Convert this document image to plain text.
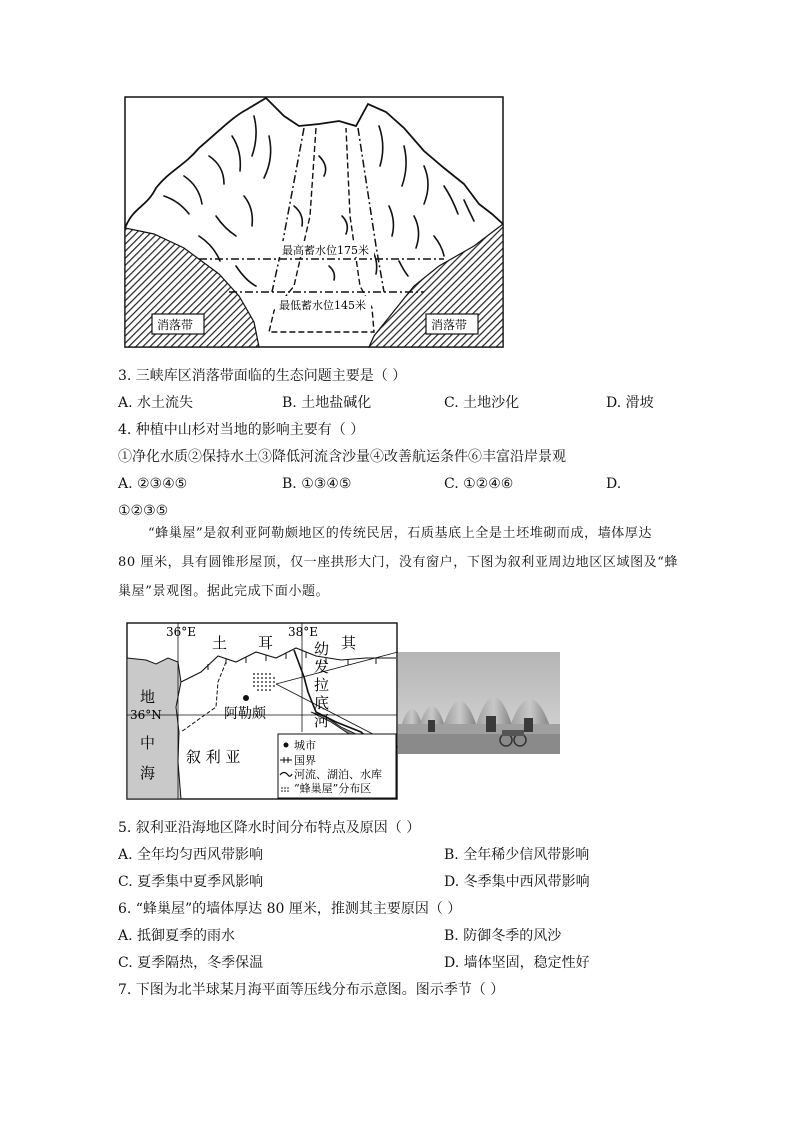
最高蓄水位175米
最低蓄水位145米
消落带	消落带
3. 三峡库区消落带面临的生态问题主要是（ ）
A. 水土流失	B. 土地盐碱化	C. 土地沙化	D. 滑坡
4. 种植中山杉对当地的影响主要有（ ）
①净化水质②保持水土③降低河流含沙量④改善航运条件⑥丰富沿岸景观
A. ②③④⑤	B. ①③④⑤	C. ①②④⑥	D.
①②③⑤
“蜂巢屋”是叙利亚阿勒颇地区的传统民居，石质基底上全是土坯堆砌而成，墙体厚达
80 厘米，具有圆锥形屋顶，仅一座拱形大门，没有窗户，下图为叙利亚周边地区区域图及“蜂
巢屋”景观图。据此完成下面小题。
36°E	38°E
36°N
土 耳	其
地
中
海
幼
发
拉
底
河
阿勒颇
叙 利 亚
城市
国界
河流、湖泊、水库
“蜂巢屋”分布区
5. 叙利亚沿海地区降水时间分布特点及原因（ ）
A. 全年均匀西风带影响	B. 全年稀少信风带影响
C. 夏季集中夏季风影响	D. 冬季集中西风带影响
6. “蜂巢屋”的墙体厚达 80 厘米，推测其主要原因（ ）
A. 抵御夏季的雨水	B. 防御冬季的风沙
C. 夏季隔热，冬季保温	D. 墙体坚固，稳定性好
7. 下图为北半球某月海平面等压线分布示意图。图示季节（ ）
